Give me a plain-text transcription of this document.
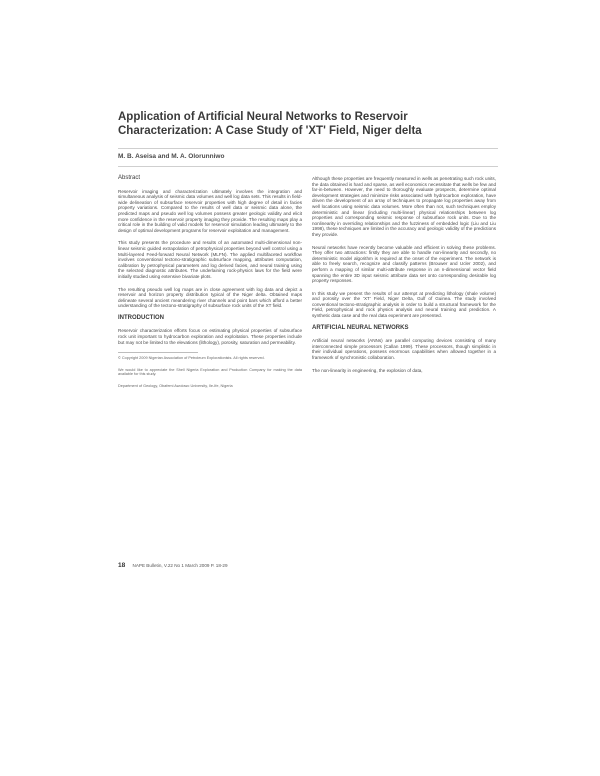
Application of Artificial Neural Networks to Reservoir Characterization: A Case Study of 'XT' Field, Niger delta
M. B. Aseisa and M. A. Olorunniwo
Abstract

Reservoir imaging and characterization ultimately involves the integration and simultaneous analysis of seismic data volumes and well log data sets. This results in field-wide delineation of subsurface reservoir properties with high degree of detail in facies property variations. Compared to the results of well data or seismic data alone, the predicted maps and pseudo well log volumes possess greater geologic validity and elicit more confidence in the reservoir property imaging they provide. The resulting maps play a critical role in the building of valid models for reservoir simulation leading ultimately to the design of optimal development programs for reservoir exploitation and management.

This study presents the procedure and results of an automated multi-dimensional non-linear seismic guided extrapolation of petrophysical properties beyond well control using a Multi-layered Feed-forward Neural Network (MLFN). The applied multifaceted workflow involves conventional tectono-stratigraphic subsurface mapping, attributes computation, calibration by petrophysical parameters and log derived facies, and neural training using the selected diagnostic attributes. The underlaining rock-physics laws for the field were initially studied using extensive bivariate plots.

The resulting pseudo well log maps are in close agreement with log data and depict a reservoir and horizon property distribution typical of the Niger delta. Obtained maps delineate several ancient meandering river channels and point bars which afford a better understanding of the tectono-stratigraphy of subsurface rock units of the XT field.

INTRODUCTION

Reservoir characterization efforts focus on estimating physical properties of subsurface rock unit important to hydrocarbon exploration and exploitation. These properties include but may not be limited to the elevations (lithology), porosity, saturation and permeability.

© Copyright 2009 Nigerian Association of Petroleum Explorationists. All rights reserved.

We would like to appreciate the Shell Nigeria Exploration and Production Company for making the data available for this study.

Department of Geology, Obafemi Awolowo University, Ile-Ife, Nigeria

18 NAPE Bulletin, V.22 No 1 March 2009 P. 18-29

Although these properties are frequently measured in wells as penetrating such rock units, the data obtained is hard and sparse, as well economics necessitate that wells be few and far-in-between. However, the need to thoroughly evaluate prospects, determine optimal development strategies and minimize risks associated with hydrocarbon exploration, have driven the development of an array of techniques to propagate log properties away from well locations using seismic data volumes. More often than not, such techniques employ deterministic and linear (including multi-linear) physical relationships between log properties and corresponding seismic response of subsurface rock units. Due to the nonlinearity in overriding relationships and the fuzziness of embedded logic (Liu and Liu 1998), these techniques are limited in the accuracy and geologic validity of the predictions they provide.

Neural networks have recently become valuable and efficient in solving these problems. They offer two attractions: firstly they are able to handle non-linearity and secondly, no deterministic model algorithm is required at the onset of the experiment. The network is able to freely search, recognize and classify patterns (Brouwer and Ucler 2002), and perform a mapping of similar multi-attribute response in an n-dimensional vector field spanning the entire 3D input seismic attribute data set onto corresponding desirable log property responses.

In this study we present the results of our attempt at predicting lithology (shale volume) and porosity over the 'XT' Field, Niger Delta, Gulf of Guinea. The study involved conventional tectono-stratigraphic analysis in order to build a structural framework for the Field, petrophysical and rock physics analysis and neural training and prediction. A synthetic data case and the real data experiment are presented.

ARTIFICIAL NEURAL NETWORKS

Artificial neural networks (ANNs) are parallel computing devices consisting of many interconnected simple processors (Callan 1999). These processors, though simplistic in their individual operations, possess enormous capabilities when allowed together in a framework of synchronistic collaboration.

The non-linearity in engineering, the explosion of data,
